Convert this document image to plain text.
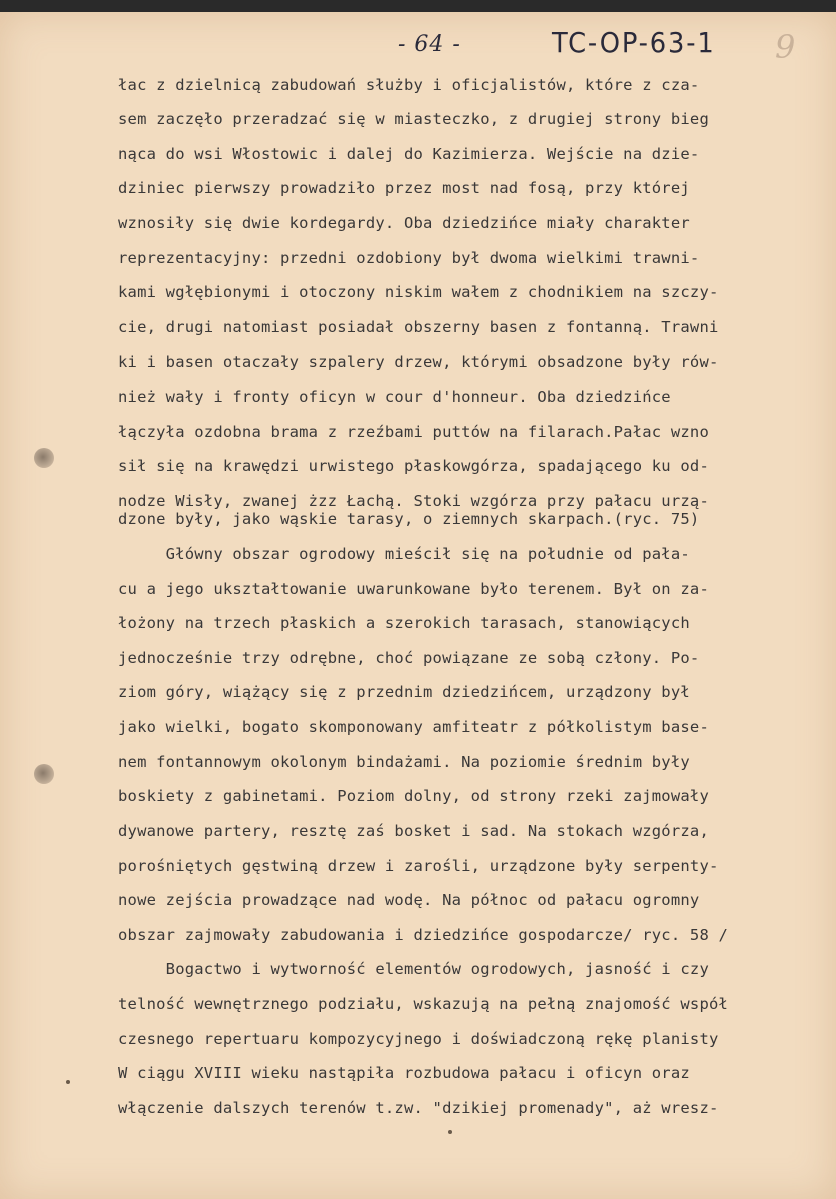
- 64 -	TC-OP-63-1 9
łac z dzielnicą zabudowań służby i oficjalistów, które z cza-
sem zaczęło przeradzać się w miasteczko, z drugiej strony bieg
nąca do wsi Włostowic i dalej do Kazimierza. Wejście na dzie-
dziniec pierwszy prowadziło przez most nad fosą, przy której
wznosiły się dwie kordegardy. Oba dziedzińce miały charakter
reprezentacyjny: przedni ozdobiony był dwoma wielkimi trawni-
kami wgłębionymi i otoczony niskim wałem z chodnikiem na szczy-
cie, drugi natomiast posiadał obszerny basen z fontanną. Trawni
ki i basen otaczały szpalery drzew, którymi obsadzone były rów-
nież wały i fronty oficyn w cour d'honneur. Oba dziedzińce
łączyła ozdobna brama z rzeźbami puttów na filarach.Pałac wzno
sił się na krawędzi urwistego płaskowgórza, spadającego ku od-
nodze Wisły, zwanej żzz Łachą. Stoki wzgórza przy pałacu urzą-
dzone były, jako wąskie tarasy, o ziemnych skarpach.(ryc. 75)
Główny obszar ogrodowy mieścił się na południe od pała-
cu a jego ukształtowanie uwarunkowane było terenem. Był on za-
łożony na trzech płaskich a szerokich tarasach, stanowiących
jednocześnie trzy odrębne, choć powiązane ze sobą człony. Po-
ziom góry, wiążący się z przednim dziedzińcem, urządzony był
jako wielki, bogato skomponowany amfiteatr z półkolistym base-
nem fontannowym okolonym bindażami. Na poziomie średnim były
boskiety z gabinetami. Poziom dolny, od strony rzeki zajmowały
dywanowe partery, resztę zaś bosket i sad. Na stokach wzgórza,
porośniętych gęstwiną drzew i zarośli, urządzone były serpenty-
nowe zejścia prowadzące nad wodę. Na północ od pałacu ogromny
obszar zajmowały zabudowania i dziedzińce gospodarcze/ ryc. 58 /
Bogactwo i wytworność elementów ogrodowych, jasność i czy
telność wewnętrznego podziału, wskazują na pełną znajomość współ
czesnego repertuaru kompozycyjnego i doświadczoną rękę planisty
W ciągu XVIII wieku nastąpiła rozbudowa pałacu i oficyn oraz
włączenie dalszych terenów t.zw. "dzikiej promenady", aż wresz-
